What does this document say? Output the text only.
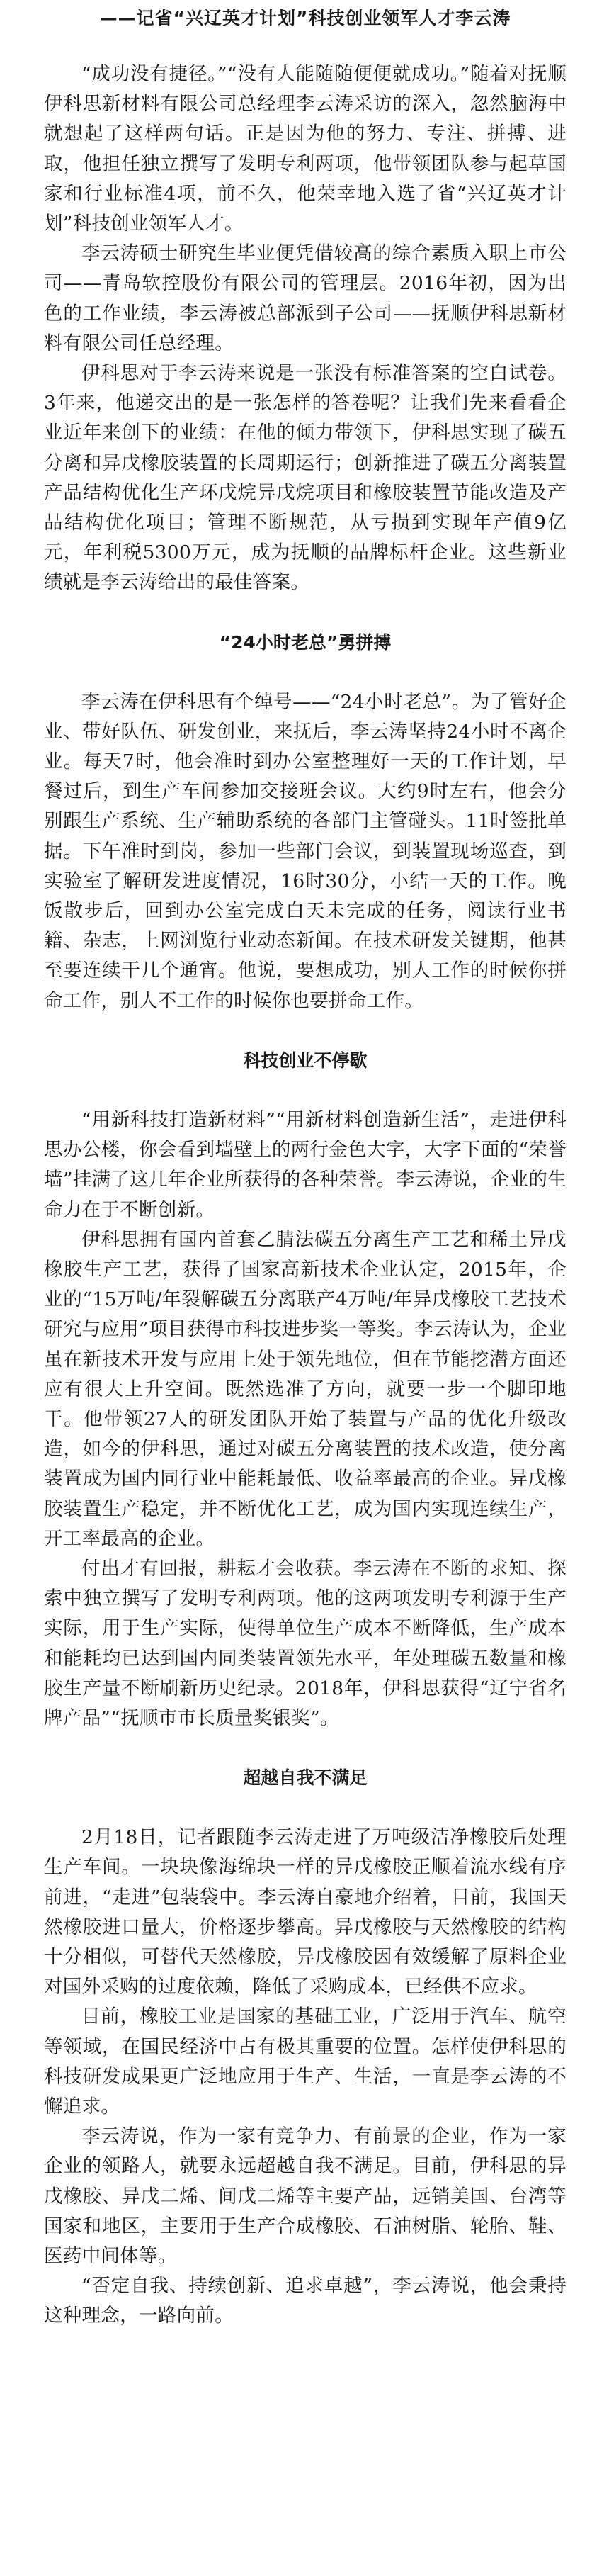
——记省“兴辽英才计划”科技创业领军人才李云涛

“成功没有捷径。”“没有人能随随便便就成功。”随着对抚顺伊科思新材料有限公司总经理李云涛采访的深入，忽然脑海中就想起了这样两句话。正是因为他的努力、专注、拼搏、进取，他担任独立撰写了发明专利两项，他带领团队参与起草国家和行业标准4项，前不久，他荣幸地入选了省“兴辽英才计划”科技创业领军人才。

李云涛硕士研究生毕业便凭借较高的综合素质入职上市公司——青岛软控股份有限公司的管理层。2016年初，因为出色的工作业绩，李云涛被总部派到子公司——抚顺伊科思新材料有限公司任总经理。

伊科思对于李云涛来说是一张没有标准答案的空白试卷。3年来，他递交出的是一张怎样的答卷呢？让我们先来看看企业近年来创下的业绩：在他的倾力带领下，伊科思实现了碳五分离和异戊橡胶装置的长周期运行；创新推进了碳五分离装置产品结构优化生产环戊烷异戊烷项目和橡胶装置节能改造及产品结构优化项目；管理不断规范，从亏损到实现年产值9亿元，年利税5300万元，成为抚顺的品牌标杆企业。这些新业绩就是李云涛给出的最佳答案。

“24小时老总”勇拼搏

李云涛在伊科思有个绰号——“24小时老总”。为了管好企业、带好队伍、研发创业，来抚后，李云涛坚持24小时不离企业。每天7时，他会准时到办公室整理好一天的工作计划，早餐过后，到生产车间参加交接班会议。大约9时左右，他会分别跟生产系统、生产辅助系统的各部门主管碰头。11时签批单据。下午准时到岗，参加一些部门会议，到装置现场巡查，到实验室了解研发进度情况，16时30分，小结一天的工作。晚饭散步后，回到办公室完成白天未完成的任务，阅读行业书籍、杂志，上网浏览行业动态新闻。在技术研发关键期，他甚至要连续干几个通宵。他说，要想成功，别人工作的时候你拼命工作，别人不工作的时候你也要拼命工作。

科技创业不停歇

“用新科技打造新材料”“用新材料创造新生活”，走进伊科思办公楼，你会看到墙壁上的两行金色大字，大字下面的“荣誉墙”挂满了这几年企业所获得的各种荣誉。李云涛说，企业的生命力在于不断创新。

伊科思拥有国内首套乙腈法碳五分离生产工艺和稀土异戊橡胶生产工艺，获得了国家高新技术企业认定，2015年，企业的“15万吨/年裂解碳五分离联产4万吨/年异戊橡胶工艺技术研究与应用”项目获得市科技进步奖一等奖。李云涛认为，企业虽在新技术开发与应用上处于领先地位，但在节能挖潜方面还应有很大上升空间。既然选准了方向，就要一步一个脚印地干。他带领27人的研发团队开始了装置与产品的优化升级改造，如今的伊科思，通过对碳五分离装置的技术改造，使分离装置成为国内同行业中能耗最低、收益率最高的企业。异戊橡胶装置生产稳定，并不断优化工艺，成为国内实现连续生产，开工率最高的企业。

付出才有回报，耕耘才会收获。李云涛在不断的求知、探索中独立撰写了发明专利两项。他的这两项发明专利源于生产实际，用于生产实际，使得单位生产成本不断降低，生产成本和能耗均已达到国内同类装置领先水平，年处理碳五数量和橡胶生产量不断刷新历史纪录。2018年，伊科思获得“辽宁省名牌产品”“抚顺市市长质量奖银奖”。

超越自我不满足

2月18日，记者跟随李云涛走进了万吨级洁净橡胶后处理生产车间。一块块像海绵块一样的异戊橡胶正顺着流水线有序前进，“走进”包装袋中。李云涛自豪地介绍着，目前，我国天然橡胶进口量大，价格逐步攀高。异戊橡胶与天然橡胶的结构十分相似，可替代天然橡胶，异戊橡胶因有效缓解了原料企业对国外采购的过度依赖，降低了采购成本，已经供不应求。

目前，橡胶工业是国家的基础工业，广泛用于汽车、航空等领域，在国民经济中占有极其重要的位置。怎样使伊科思的科技研发成果更广泛地应用于生产、生活，一直是李云涛的不懈追求。

李云涛说，作为一家有竞争力、有前景的企业，作为一家企业的领路人，就要永远超越自我不满足。目前，伊科思的异戊橡胶、异戊二烯、间戊二烯等主要产品，远销美国、台湾等国家和地区，主要用于生产合成橡胶、石油树脂、轮胎、鞋、医药中间体等。

“否定自我、持续创新、追求卓越”，李云涛说，他会秉持这种理念，一路向前。
